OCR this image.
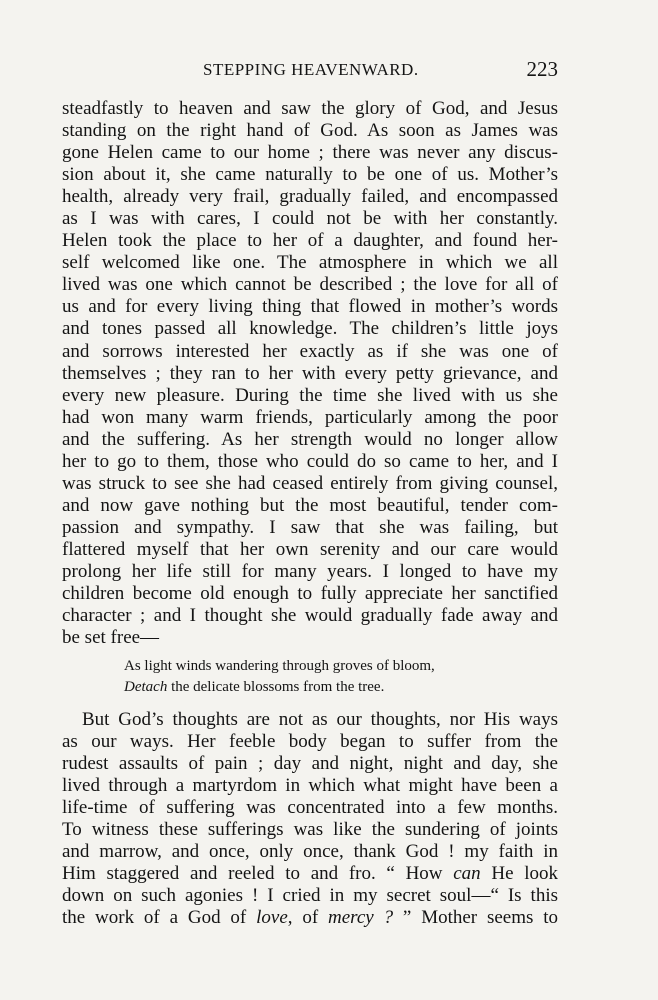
STEPPING HEAVENWARD.	223
steadfastly to heaven and saw the glory of God, and Jesus
standing on the right hand of God. As soon as James was
gone Helen came to our home ; there was never any discus-
sion about it, she came naturally to be one of us. Mother’s
health, already very frail, gradually failed, and encompassed
as I was with cares, I could not be with her constantly.
Helen took the place to her of a daughter, and found her-
self welcomed like one. The atmosphere in which we all
lived was one which cannot be described ; the love for all of
us and for every living thing that flowed in mother’s words
and tones passed all knowledge. The children’s little joys
and sorrows interested her exactly as if she was one of
themselves ; they ran to her with every petty grievance, and
every new pleasure. During the time she lived with us she
had won many warm friends, particularly among the poor
and the suffering. As her strength would no longer allow
her to go to them, those who could do so came to her, and I
was struck to see she had ceased entirely from giving counsel,
and now gave nothing but the most beautiful, tender com-
passion and sympathy. I saw that she was failing, but
flattered myself that her own serenity and our care would
prolong her life still for many years. I longed to have my
children become old enough to fully appreciate her sanctified
character ; and I thought she would gradually fade away and
be set free—
As light winds wandering through groves of bloom,
Detach the delicate blossoms from the tree.
But God’s thoughts are not as our thoughts, nor His ways
as our ways. Her feeble body began to suffer from the
rudest assaults of pain ; day and night, night and day, she
lived through a martyrdom in which what might have been a
life-time of suffering was concentrated into a few months.
To witness these sufferings was like the sundering of joints
and marrow, and once, only once, thank God ! my faith in
Him staggered and reeled to and fro. “ How can He look
down on such agonies ! I cried in my secret soul—“ Is this
the work of a God of love, of mercy ? ” Mother seems to
